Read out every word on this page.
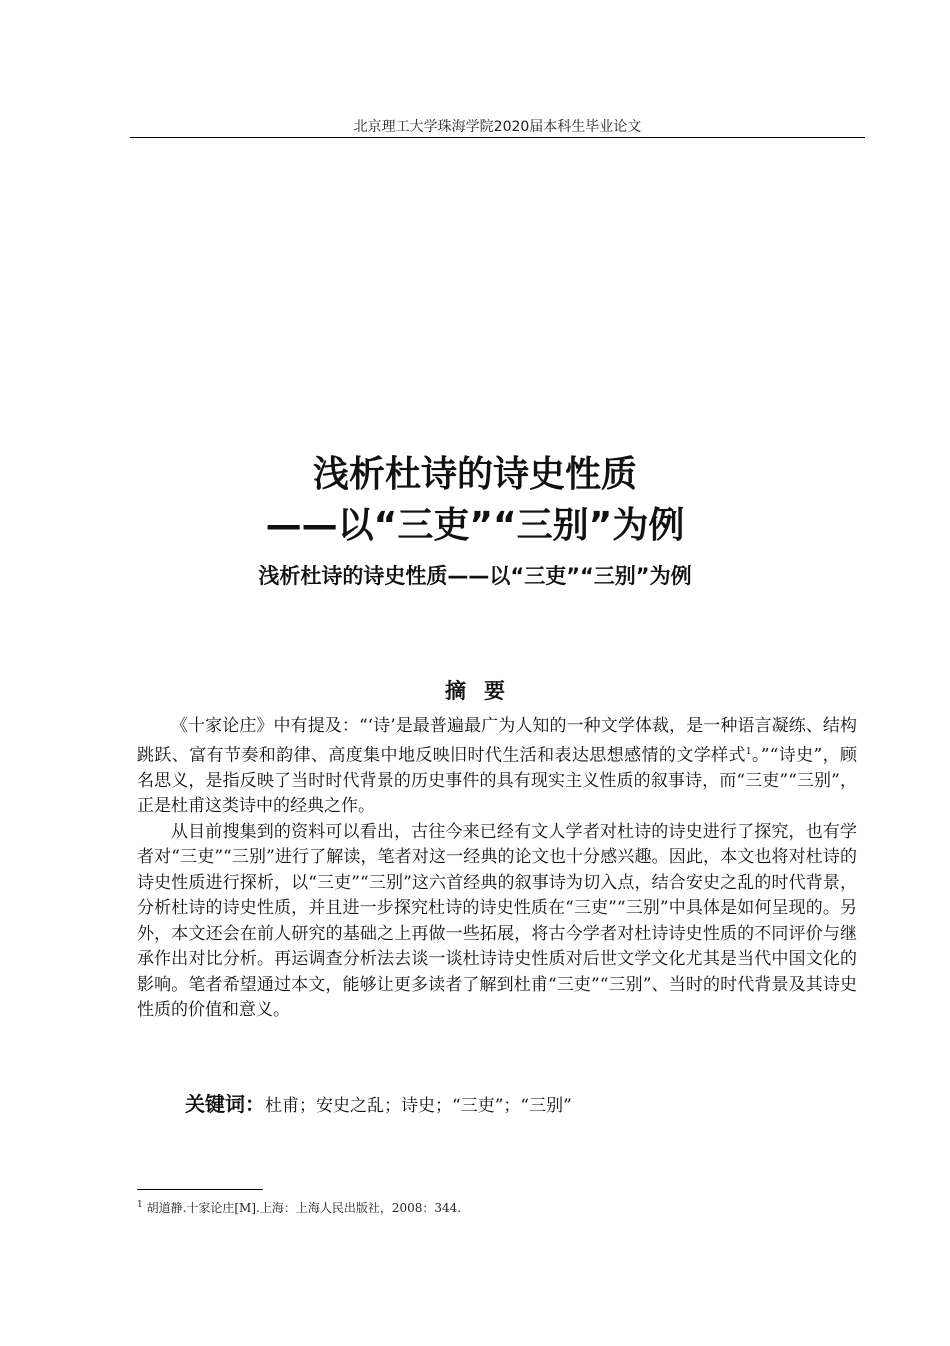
北京理工大学珠海学院2020届本科生毕业论文
浅析杜诗的诗史性质
——以“三吏”“三别”为例
浅析杜诗的诗史性质——以“三吏”“三别”为例
摘要

《十家论庄》中有提及：“‘诗’是最普遍最广为人知的一种文学体裁，是一种语言凝练、结构跳跃、富有节奏和韵律、高度集中地反映旧时代生活和表达思想感情的文学样式$^1$。”“诗史”，顾名思义，是指反映了当时时代背景的历史事件的具有现实主义性质的叙事诗，而“三吏”“三别”，正是杜甫这类诗中的经典之作。

从目前搜集到的资料可以看出，古往今来已经有文人学者对杜诗的诗史进行了探究，也有学者对“三吏”“三别”进行了解读，笔者对这一经典的论文也十分感兴趣。因此，本文也将对杜诗的诗史性质进行探析，以“三吏”“三别”这六首经典的叙事诗为切入点，结合安史之乱的时代背景，分析杜诗的诗史性质，并且进一步探究杜诗的诗史性质在“三吏”“三别”中具体是如何呈现的。另外，本文还会在前人研究的基础之上再做一些拓展，将古今学者对杜诗诗史性质的不同评价与继承作出对比分析。再运调查分析法去谈一谈杜诗诗史性质对后世文学文化尤其是当代中国文化的影响。笔者希望通过本文，能够让更多读者了解到杜甫“三吏”“三别”、当时的时代背景及其诗史性质的价值和意义。

关键词：杜甫；安史之乱；诗史；“三吏”；“三别”
$^1$ 胡道静.十家论庄[M].上海：上海人民出版社，2008：344.
